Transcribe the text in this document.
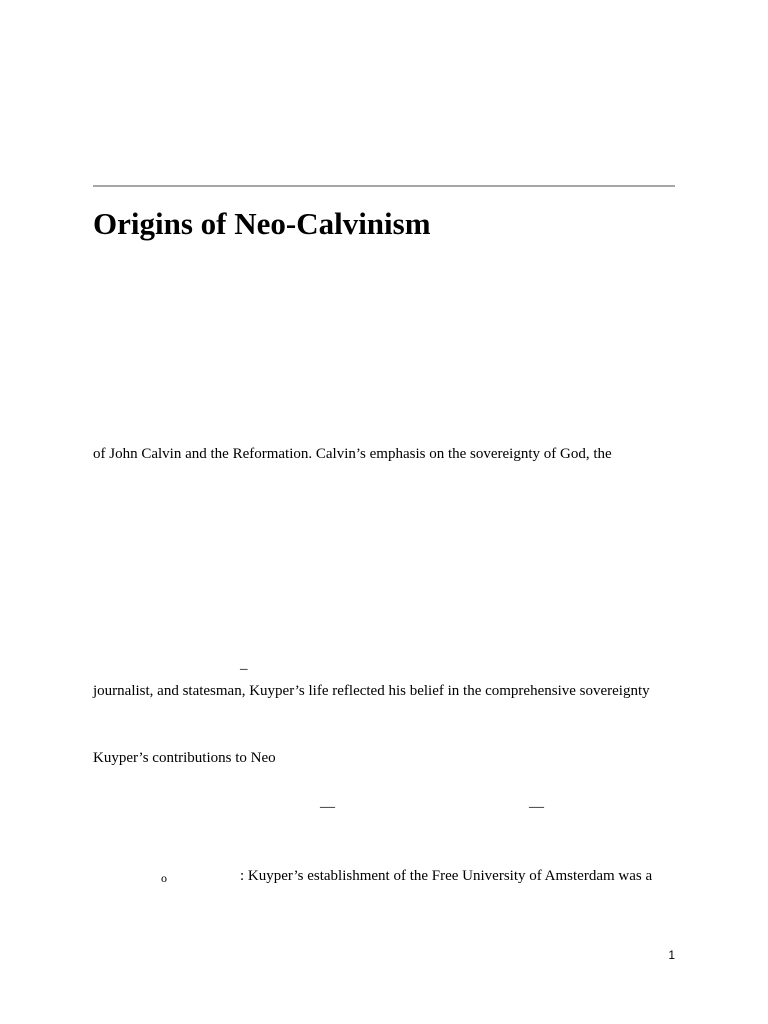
Origins of Neo-Calvinism
of John Calvin and the Reformation. Calvin’s emphasis on the sovereignty of God, the
–
journalist, and statesman, Kuyper’s life reflected his belief in the comprehensive sovereignty
Kuyper’s contributions to Neo
—	—
o	: Kuyper’s establishment of the Free University of Amsterdam was a
1
